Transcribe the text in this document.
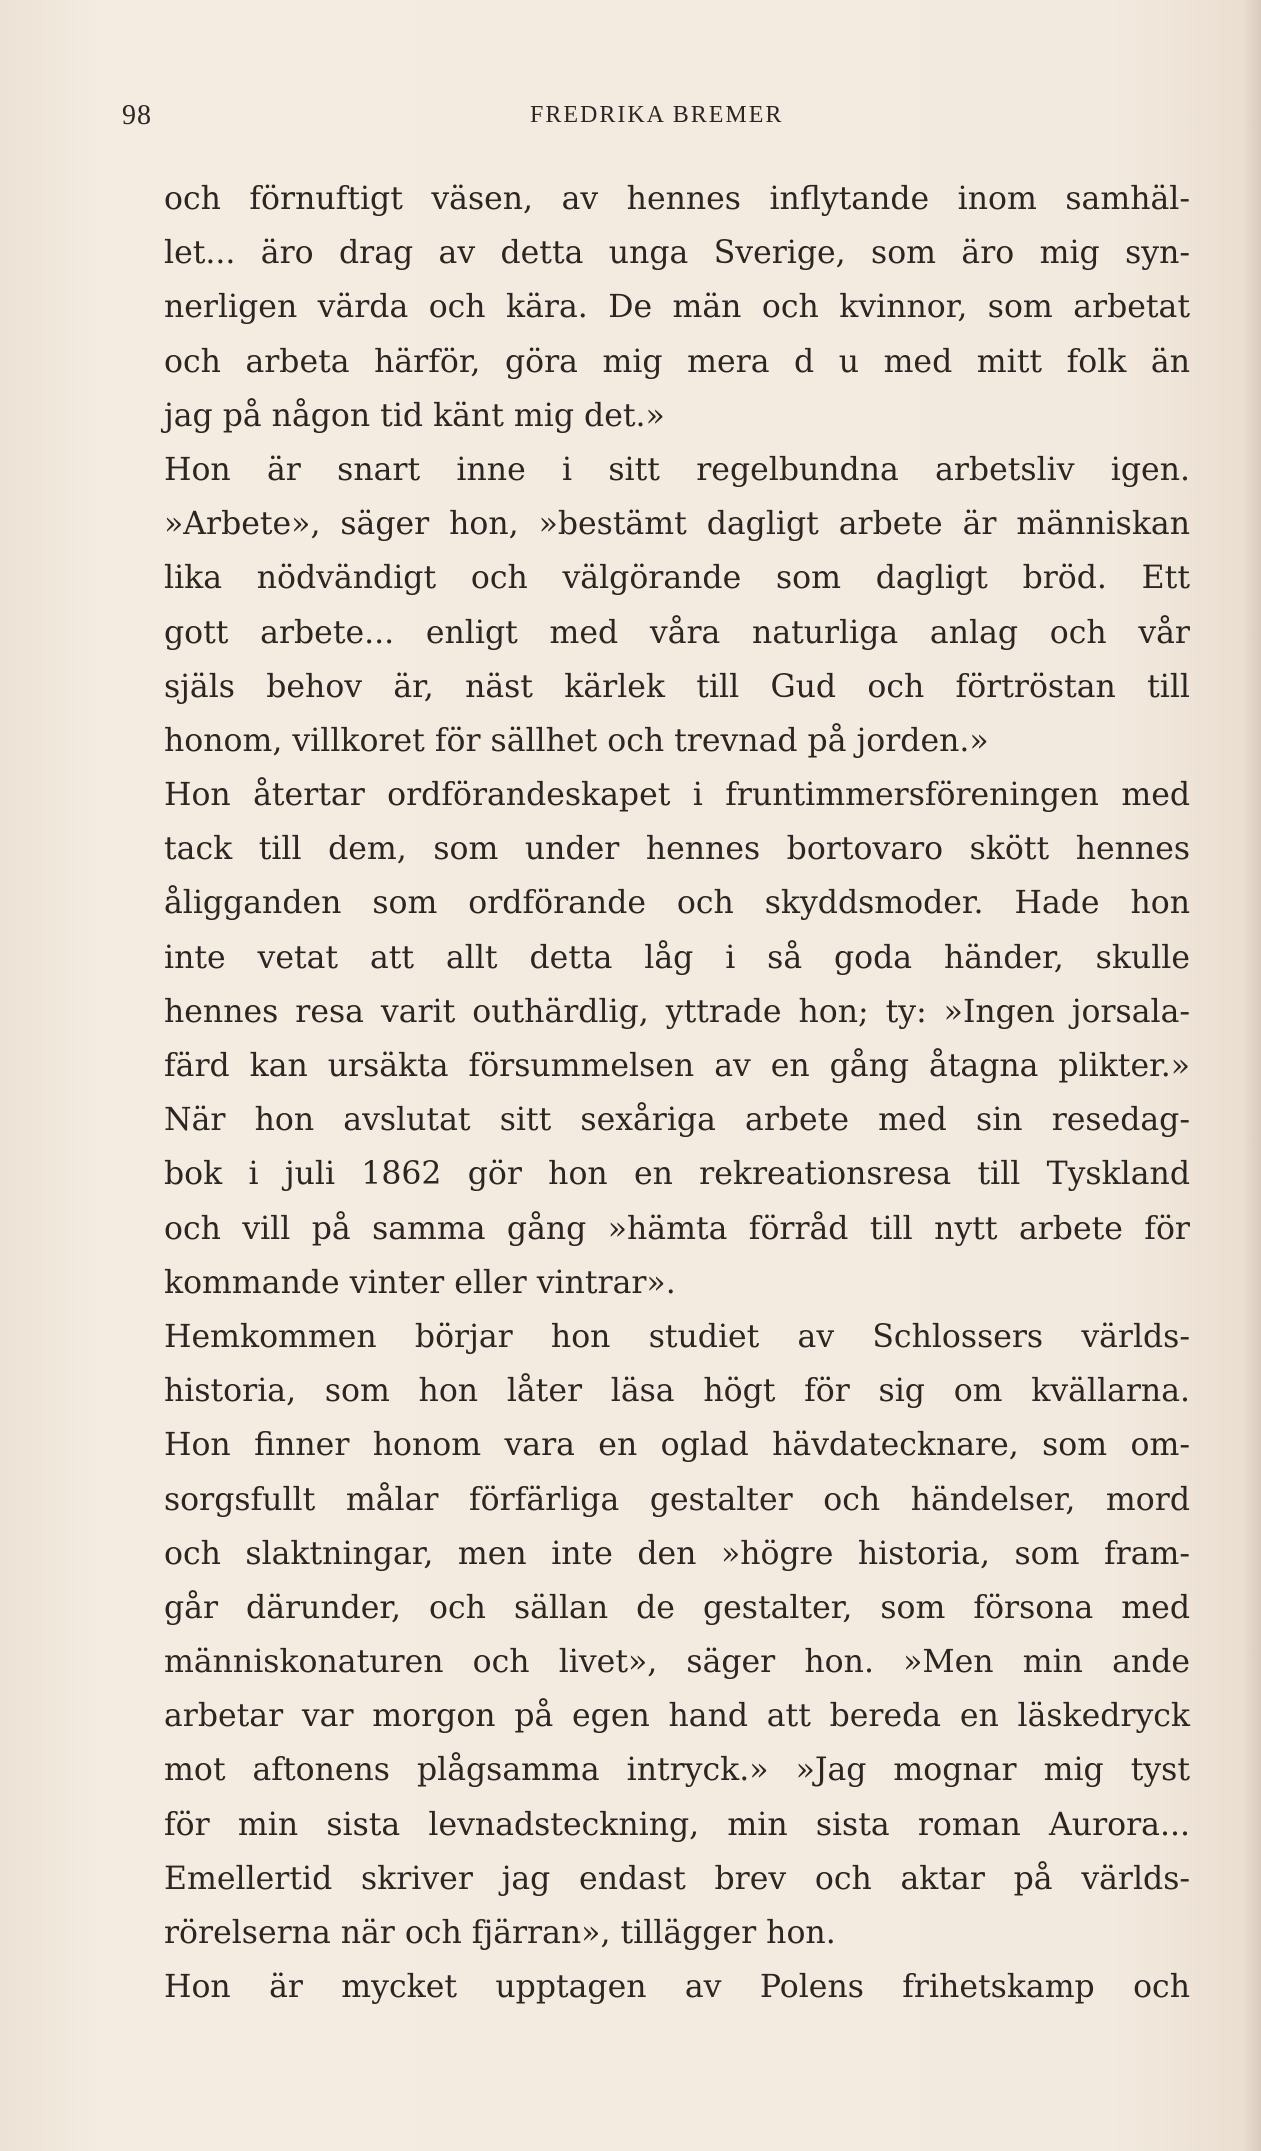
98	FREDRIKA BREMER
och förnuftigt väsen, av hennes inflytande inom samhäl-
let... äro drag av detta unga Sverige, som äro mig syn-
nerligen värda och kära. De män och kvinnor, som arbetat
och arbeta härför, göra mig mera d u med mitt folk än
jag på någon tid känt mig det.»
Hon är snart inne i sitt regelbundna arbetsliv igen.
»Arbete», säger hon, »bestämt dagligt arbete är människan
lika nödvändigt och välgörande som dagligt bröd. Ett
gott arbete... enligt med våra naturliga anlag och vår
själs behov är, näst kärlek till Gud och förtröstan till
honom, villkoret för sällhet och trevnad på jorden.»
Hon återtar ordförandeskapet i fruntimmersföreningen med
tack till dem, som under hennes bortovaro skött hennes
åligganden som ordförande och skyddsmoder. Hade hon
inte vetat att allt detta låg i så goda händer, skulle
hennes resa varit outhärdlig, yttrade hon; ty: »Ingen jorsala-
färd kan ursäkta försummelsen av en gång åtagna plikter.»
När hon avslutat sitt sexåriga arbete med sin resedag-
bok i juli 1862 gör hon en rekreationsresa till Tyskland
och vill på samma gång »hämta förråd till nytt arbete för
kommande vinter eller vintrar».
Hemkommen börjar hon studiet av Schlossers världs-
historia, som hon låter läsa högt för sig om kvällarna.
Hon finner honom vara en oglad hävdatecknare, som om-
sorgsfullt målar förfärliga gestalter och händelser, mord
och slaktningar, men inte den »högre historia, som fram-
går därunder, och sällan de gestalter, som försona med
människonaturen och livet», säger hon. »Men min ande
arbetar var morgon på egen hand att bereda en läskedryck
mot aftonens plågsamma intryck.» »Jag mognar mig tyst
för min sista levnadsteckning, min sista roman Aurora...
Emellertid skriver jag endast brev och aktar på världs-
rörelserna när och fjärran», tillägger hon.
Hon är mycket upptagen av Polens frihetskamp och
